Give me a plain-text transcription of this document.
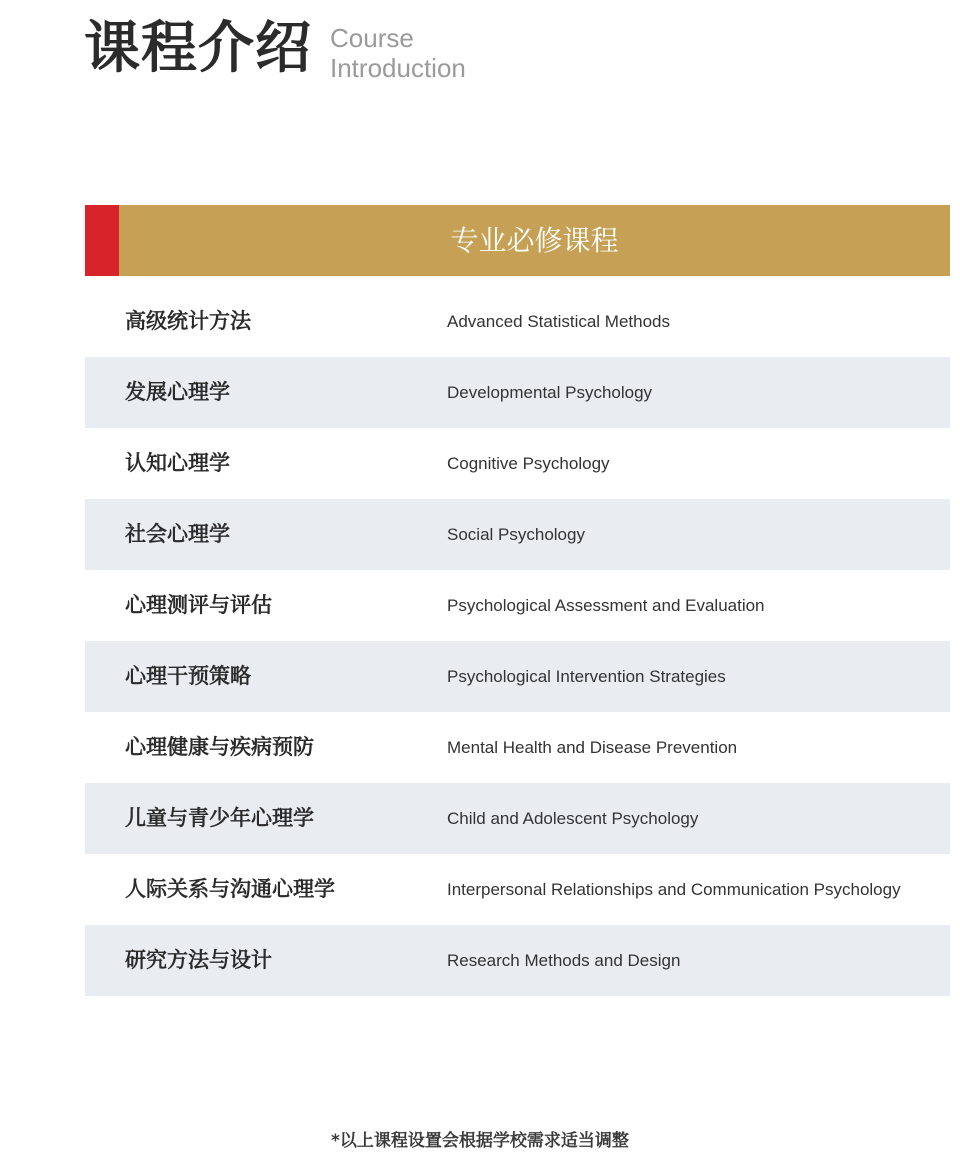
课程介绍 Course
Introduction
专业必修课程
高级统计方法	Advanced Statistical Methods
发展心理学	Developmental Psychology
认知心理学	Cognitive Psychology
社会心理学	Social Psychology
心理测评与评估	Psychological Assessment and Evaluation
心理干预策略	Psychological Intervention Strategies
心理健康与疾病预防	Mental Health and Disease Prevention
儿童与青少年心理学	Child and Adolescent Psychology
人际关系与沟通心理学	Interpersonal Relationships and Communication Psychology
研究方法与设计	Research Methods and Design
*以上课程设置会根据学校需求适当调整
